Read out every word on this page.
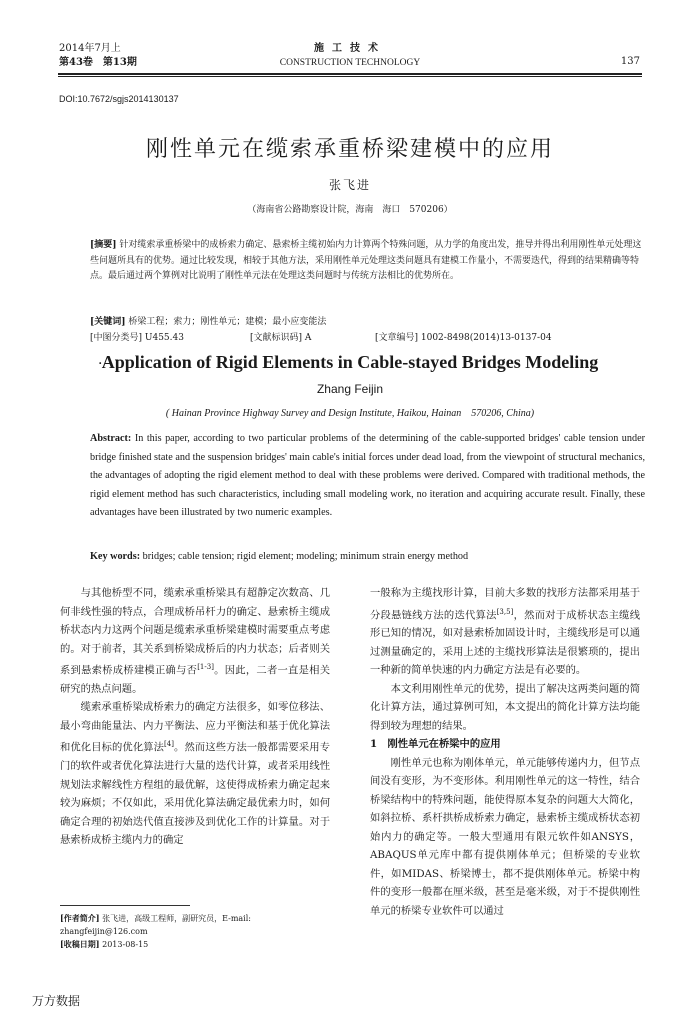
2014年7月上
第43卷　第13期
施工技术
CONSTRUCTION TECHNOLOGY	137
DOI:10.7672/sgjs2014130137
刚性单元在缆索承重桥梁建模中的应用
张飞进
（海南省公路勘察设计院，海南　海口　570206）
[摘要] 针对缆索承重桥梁中的成桥索力确定、悬索桥主缆初始内力计算两个特殊问题，从力学的角度出发，推导并得出利用刚性单元处理这些问题所具有的优势。通过比较发现，相较于其他方法，采用刚性单元处理这类问题具有建模工作量小，不需要迭代，得到的结果精确等特点。最后通过两个算例对比说明了刚性单元法在处理这类问题时与传统方法相比的优势所在。
[关键词] 桥梁工程；索力；刚性单元；建模；最小应变能法
[中图分类号] U455.43	[文献标识码] A	[文章编号] 1002-8498(2014)13-0137-04
· Application of Rigid Elements in Cable-stayed Bridges Modeling
Zhang Feijin
( Hainan Province Highway Survey and Design Institute, Haikou, Hainan　570206, China)
Abstract: In this paper, according to two particular problems of the determining of the cable-supported bridges' cable tension under bridge finished state and the suspension bridges' main cable's initial forces under dead load, from the viewpoint of structural mechanics, the advantages of adopting the rigid element method to deal with these problems were derived. Compared with traditional methods, the rigid element method has such characteristics, including small modeling work, no iteration and acquiring accurate result. Finally, these advantages have been illustrated by two numeric examples.
Key words: bridges; cable tension; rigid element; modeling; minimum strain energy method

与其他桥型不同，缆索承重桥梁具有超静定次数高、几何非线性强的特点，合理成桥吊杆力的确定、悬索桥主缆成桥状态内力这两个问题是缆索承重桥梁建模时需要重点考虑的。对于前者，其关系到桥梁成桥后的内力状态；后者则关系到悬索桥成桥建模正确与否[1-3]。因此，二者一直是相关研究的热点问题。

缆索承重桥梁成桥索力的确定方法很多，如零位移法、最小弯曲能量法、内力平衡法、应力平衡法和基于优化算法和优化目标的优化算法[4]。然而这些方法一般都需要采用专门的软件或者优化算法进行大量的迭代计算，或者采用线性规划法求解线性方程组的最优解，这使得成桥索力确定起来较为麻烦；不仅如此，采用优化算法确定最优索力时，如何确定合理的初始迭代值直接涉及到优化工作的计算量。对于悬索桥成桥主缆内力的确定

一般称为主缆找形计算，目前大多数的找形方法都采用基于分段悬链线方法的迭代算法[3,5]，然而对于成桥状态主缆线形已知的情况，如对悬索桥加固设计时，主缆线形是可以通过测量确定的，采用上述的主缆找形算法是很繁琐的，提出一种新的简单快速的内力确定方法是有必要的。

本文利用刚性单元的优势，提出了解决这两类问题的简化计算方法，通过算例可知，本文提出的简化计算方法均能得到较为理想的结果。

1　刚性单元在桥梁中的应用

刚性单元也称为刚体单元，单元能够传递内力，但节点间没有变形，为不变形体。利用刚性单元的这一特性，结合桥梁结构中的特殊问题，能使得原本复杂的问题大大简化，如斜拉桥、系杆拱桥成桥索力确定，悬索桥主缆成桥状态初始内力的确定等。一般大型通用有限元软件如ANSYS，ABAQUS单元库中都有提供刚体单元；但桥梁的专业软件，如MIDAS、桥梁博士，都不提供刚体单元。桥梁中构件的变形一般都在厘米级，甚至是毫米级，对于不提供刚性单元的桥梁专业软件可以通过

[作者简介] 张飞进，高级工程师，副研究员，E-mail: zhangfeijin@126.com
[收稿日期] 2013-08-15
万方数据
